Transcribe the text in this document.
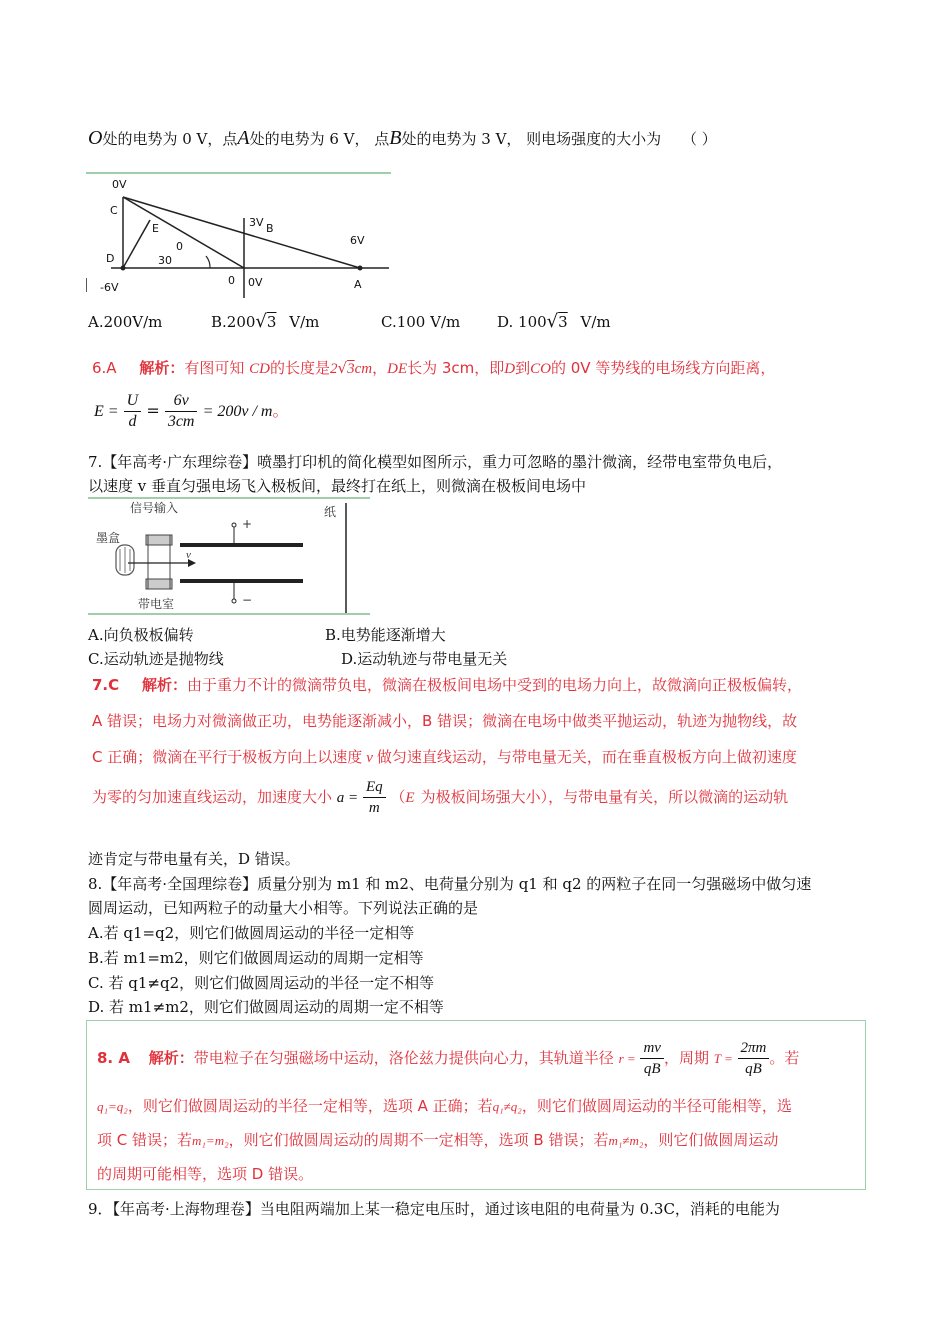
O处的电势为 0 V，点A处的电势为 6 V， 点B处的电势为 3 V， 则电场强度的大小为 （ ）
0V
C
E	3V B
6V
D
0
30
0 0V	A
-6V
A.200V/m	B.200√3 V/m	C.100 V/m D. 100√3 V/m
6.A 解析：有图可知 CD的长度是2√3cm，DE长为 3cm，即D到CO的 0V 等势线的电场线方向距离，
$E = \frac{U}{d} = \frac{6v}{3cm} = 200v / m$。
7.【年高考·广东理综卷】喷墨打印机的简化模型如图所示，重力可忽略的墨汁微滴，经带电室带负电后，
以速度 v 垂直匀强电场飞入极板间，最终打在纸上，则微滴在极板间电场中
信号输入	纸
墨盒
+
v
带电室	−
A.向负极板偏转	B.电势能逐渐增大
C.运动轨迹是抛物线	D.运动轨迹与带电量无关
7.C 解析：由于重力不计的微滴带负电，微滴在极板间电场中受到的电场力向上，故微滴向正极板偏转，
A 错误；电场力对微滴做正功，电势能逐渐减小，B 错误；微滴在电场中做类平抛运动，轨迹为抛物线，故
C 正确；微滴在平行于极板方向上以速度 v 做匀速直线运动，与带电量无关，而在垂直极板方向上做初速度
为零的匀加速直线运动，加速度大小 $a = \frac{Eq}{m} (E$ 为极板间场强大小），与带电量有关，所以微滴的运动轨
迹肯定与带电量有关，D 错误。
8.【年高考·全国理综卷】质量分别为 m1 和 m2、电荷量分别为 q1 和 q2 的两粒子在同一匀强磁场中做匀速
圆周运动，已知两粒子的动量大小相等。下列说法正确的是
A.若 q1=q2，则它们做圆周运动的半径一定相等
B.若 m1=m2，则它们做圆周运动的周期一定相等
C. 若 q1≠q2，则它们做圆周运动的半径一定不相等
D. 若 m1≠m2，则它们做圆周运动的周期一定不相等
8. A 解析：带电粒子在匀强磁场中运动，洛伦兹力提供向心力，其轨道半径 $r = \frac{mv}{qB}$ ，周期 $T = \frac{2\pi m}{qB}$ 。若
q₁=q₂，则它们做圆周运动的半径一定相等，选项 A 正确；若q₁≠q₂，则它们做圆周运动的半径可能相等，选
项 C 错误；若m₁=m₂，则它们做圆周运动的周期不一定相等，选项 B 错误；若m₁≠m₂，则它们做圆周运动
的周期可能相等，选项 D 错误。
9．【年高考·上海物理卷】当电阻两端加上某一稳定电压时，通过该电阻的电荷量为 0.3C，消耗的电能为
